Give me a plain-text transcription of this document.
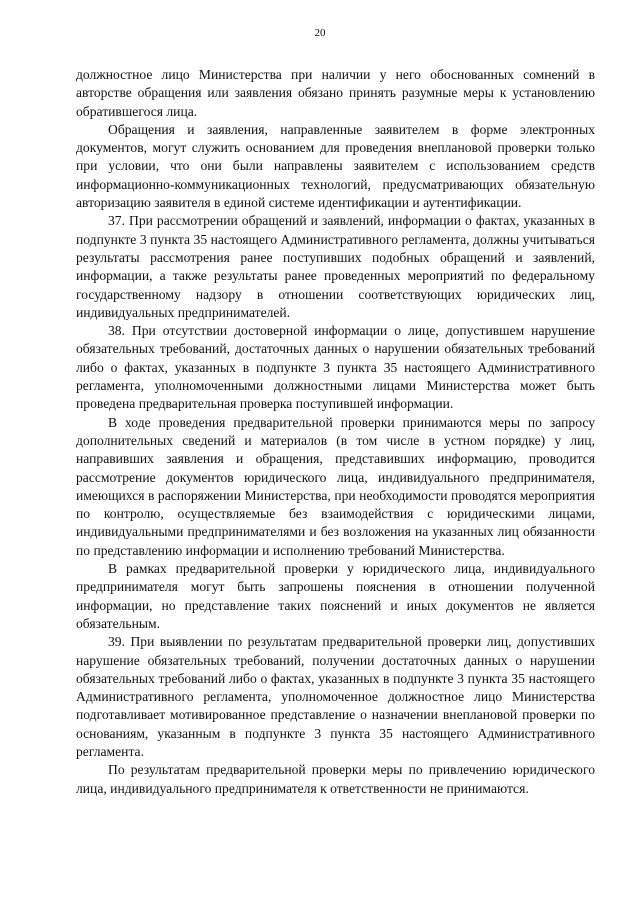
20

должностное лицо Министерства при наличии у него обоснованных сомнений в авторстве обращения или заявления обязано принять разумные меры к установлению обратившегося лица.

Обращения и заявления, направленные заявителем в форме электронных документов, могут служить основанием для проведения внеплановой проверки только при условии, что они были направлены заявителем с использованием средств информационно-коммуникационных технологий, предусматривающих обязательную авторизацию заявителя в единой системе идентификации и аутентификации.

37. При рассмотрении обращений и заявлений, информации о фактах, указанных в подпункте 3 пункта 35 настоящего Административного регламента, должны учитываться результаты рассмотрения ранее поступивших подобных обращений и заявлений, информации, а также результаты ранее проведенных мероприятий по федеральному государственному надзору в отношении соответствующих юридических лиц, индивидуальных предпринимателей.

38. При отсутствии достоверной информации о лице, допустившем нарушение обязательных требований, достаточных данных о нарушении обязательных требований либо о фактах, указанных в подпункте 3 пункта 35 настоящего Административного регламента, уполномоченными должностными лицами Министерства может быть проведена предварительная проверка поступившей информации.

В ходе проведения предварительной проверки принимаются меры по запросу дополнительных сведений и материалов (в том числе в устном порядке) у лиц, направивших заявления и обращения, представивших информацию, проводится рассмотрение документов юридического лица, индивидуального предпринимателя, имеющихся в распоряжении Министерства, при необходимости проводятся мероприятия по контролю, осуществляемые без взаимодействия с юридическими лицами, индивидуальными предпринимателями и без возложения на указанных лиц обязанности по представлению информации и исполнению требований Министерства.

В рамках предварительной проверки у юридического лица, индивидуального предпринимателя могут быть запрошены пояснения в отношении полученной информации, но представление таких пояснений и иных документов не является обязательным.

39. При выявлении по результатам предварительной проверки лиц, допустивших нарушение обязательных требований, получении достаточных данных о нарушении обязательных требований либо о фактах, указанных в подпункте 3 пункта 35 настоящего Административного регламента, уполномоченное должностное лицо Министерства подготавливает мотивированное представление о назначении внеплановой проверки по основаниям, указанным в подпункте 3 пункта 35 настоящего Административного регламента.

По результатам предварительной проверки меры по привлечению юридического лица, индивидуального предпринимателя к ответственности не принимаются.
